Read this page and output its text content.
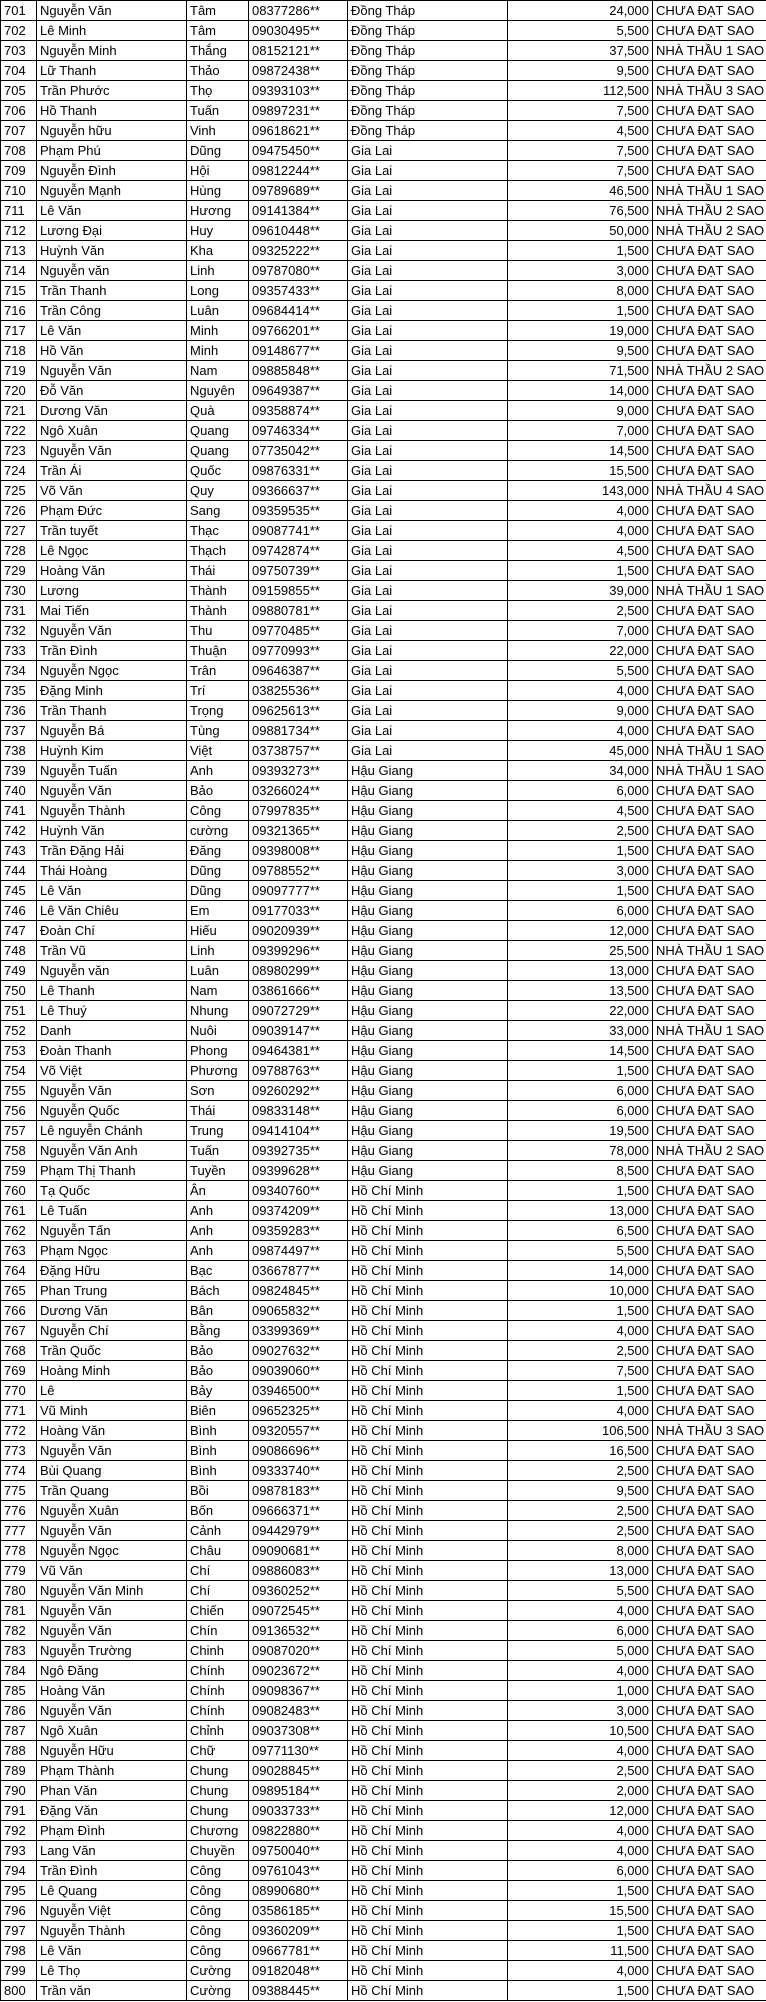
701	Nguyễn Văn	Tâm	08377286**	Đồng Tháp	24,000	CHƯA ĐẠT SAO
702	Lê Minh	Tâm	09030495**	Đồng Tháp	5,500	CHƯA ĐẠT SAO
703	Nguyễn Minh	Thắng	08152121**	Đồng Tháp	37,500	NHÀ THẦU 1 SAO
704	Lữ Thanh	Thảo	09872438**	Đồng Tháp	9,500	CHƯA ĐẠT SAO
705	Trần Phước	Thọ	09393103**	Đồng Tháp	112,500	NHÀ THẦU 3 SAO
706	Hồ Thanh	Tuấn	09897231**	Đồng Tháp	7,500	CHƯA ĐẠT SAO
707	Nguyễn hữu	Vinh	09618621**	Đồng Tháp	4,500	CHƯA ĐẠT SAO
708	Phạm Phú	Dũng	09475450**	Gia Lai	7,500	CHƯA ĐẠT SAO
709	Nguyễn Đình	Hội	09812244**	Gia Lai	7,500	CHƯA ĐẠT SAO
710	Nguyễn Mạnh	Hùng	09789689**	Gia Lai	46,500	NHÀ THẦU 1 SAO
711	Lê Văn	Hương	09141384**	Gia Lai	76,500	NHÀ THẦU 2 SAO
712	Lương Đại	Huy	09610448**	Gia Lai	50,000	NHÀ THẦU 2 SAO
713	Huỳnh Văn	Kha	09325222**	Gia Lai	1,500	CHƯA ĐẠT SAO
714	Nguyễn văn	Linh	09787080**	Gia Lai	3,000	CHƯA ĐẠT SAO
715	Trần Thanh	Long	09357433**	Gia Lai	8,000	CHƯA ĐẠT SAO
716	Trần Công	Luân	09684414**	Gia Lai	1,500	CHƯA ĐẠT SAO
717	Lê Văn	Minh	09766201**	Gia Lai	19,000	CHƯA ĐẠT SAO
718	Hồ Văn	Minh	09148677**	Gia Lai	9,500	CHƯA ĐẠT SAO
719	Nguyễn Văn	Nam	09885848**	Gia Lai	71,500	NHÀ THẦU 2 SAO
720	Đỗ Văn	Nguyên	09649387**	Gia Lai	14,000	CHƯA ĐẠT SAO
721	Dương Văn	Quà	09358874**	Gia Lai	9,000	CHƯA ĐẠT SAO
722	Ngô Xuân	Quang	09746334**	Gia Lai	7,000	CHƯA ĐẠT SAO
723	Nguyễn Văn	Quang	07735042**	Gia Lai	14,500	CHƯA ĐẠT SAO
724	Trần Ái	Quốc	09876331**	Gia Lai	15,500	CHƯA ĐẠT SAO
725	Võ Văn	Quy	09366637**	Gia Lai	143,000	NHÀ THẦU 4 SAO
726	Phạm Đức	Sang	09359535**	Gia Lai	4,000	CHƯA ĐẠT SAO
727	Trần tuyết	Thạc	09087741**	Gia Lai	4,000	CHƯA ĐẠT SAO
728	Lê Ngọc	Thạch	09742874**	Gia Lai	4,500	CHƯA ĐẠT SAO
729	Hoàng Văn	Thái	09750739**	Gia Lai	1,500	CHƯA ĐẠT SAO
730	Lương	Thành	09159855**	Gia Lai	39,000	NHÀ THẦU 1 SAO
731	Mai Tiến	Thành	09880781**	Gia Lai	2,500	CHƯA ĐẠT SAO
732	Nguyễn Văn	Thu	09770485**	Gia Lai	7,000	CHƯA ĐẠT SAO
733	Trần Đình	Thuận	09770993**	Gia Lai	22,000	CHƯA ĐẠT SAO
734	Nguyễn Ngọc	Trân	09646387**	Gia Lai	5,500	CHƯA ĐẠT SAO
735	Đặng Minh	Trí	03825536**	Gia Lai	4,000	CHƯA ĐẠT SAO
736	Trần Thanh	Trọng	09625613**	Gia Lai	9,000	CHƯA ĐẠT SAO
737	Nguyễn Bá	Tùng	09881734**	Gia Lai	4,000	CHƯA ĐẠT SAO
738	Huỳnh Kim	Việt	03738757**	Gia Lai	45,000	NHÀ THẦU 1 SAO
739	Nguyễn Tuấn	Anh	09393273**	Hậu Giang	34,000	NHÀ THẦU 1 SAO
740	Nguyễn Văn	Bảo	03266024**	Hậu Giang	6,000	CHƯA ĐẠT SAO
741	Nguyễn Thành	Công	07997835**	Hậu Giang	4,500	CHƯA ĐẠT SAO
742	Huỳnh Văn	cường	09321365**	Hậu Giang	2,500	CHƯA ĐẠT SAO
743	Trần Đặng Hải	Đăng	09398008**	Hậu Giang	1,500	CHƯA ĐẠT SAO
744	Thái Hoàng	Dũng	09788552**	Hậu Giang	3,000	CHƯA ĐẠT SAO
745	Lê Văn	Dũng	09097777**	Hậu Giang	1,500	CHƯA ĐẠT SAO
746	Lê Văn Chiêu	Em	09177033**	Hậu Giang	6,000	CHƯA ĐẠT SAO
747	Đoàn Chí	Hiếu	09020939**	Hậu Giang	12,000	CHƯA ĐẠT SAO
748	Trần Vũ	Linh	09399296**	Hậu Giang	25,500	NHÀ THẦU 1 SAO
749	Nguyễn văn	Luân	08980299**	Hậu Giang	13,000	CHƯA ĐẠT SAO
750	Lê Thanh	Nam	03861666**	Hậu Giang	13,500	CHƯA ĐẠT SAO
751	Lê Thuý	Nhung	09072729**	Hậu Giang	22,000	CHƯA ĐẠT SAO
752	Danh	Nuôi	09039147**	Hậu Giang	33,000	NHÀ THẦU 1 SAO
753	Đoàn Thanh	Phong	09464381**	Hậu Giang	14,500	CHƯA ĐẠT SAO
754	Võ Việt	Phương	09788763**	Hậu Giang	1,500	CHƯA ĐẠT SAO
755	Nguyễn Văn	Sơn	09260292**	Hậu Giang	6,000	CHƯA ĐẠT SAO
756	Nguyễn Quốc	Thái	09833148**	Hậu Giang	6,000	CHƯA ĐẠT SAO
757	Lê nguyễn Chánh	Trung	09414104**	Hậu Giang	19,500	CHƯA ĐẠT SAO
758	Nguyễn Văn Anh	Tuấn	09392735**	Hậu Giang	78,000	NHÀ THẦU 2 SAO
759	Phạm Thị Thanh	Tuyền	09399628**	Hậu Giang	8,500	CHƯA ĐẠT SAO
760	Tạ Quốc	Ân	09340760**	Hồ Chí Minh	1,500	CHƯA ĐẠT SAO
761	Lê Tuấn	Anh	09374209**	Hồ Chí Minh	13,000	CHƯA ĐẠT SAO
762	Nguyễn Tấn	Anh	09359283**	Hồ Chí Minh	6,500	CHƯA ĐẠT SAO
763	Phạm Ngọc	Anh	09874497**	Hồ Chí Minh	5,500	CHƯA ĐẠT SAO
764	Đặng Hữu	Bạc	03667877**	Hồ Chí Minh	14,000	CHƯA ĐẠT SAO
765	Phan Trung	Bách	09824845**	Hồ Chí Minh	10,000	CHƯA ĐẠT SAO
766	Dương Văn	Bân	09065832**	Hồ Chí Minh	1,500	CHƯA ĐẠT SAO
767	Nguyễn Chí	Bằng	03399369**	Hồ Chí Minh	4,000	CHƯA ĐẠT SAO
768	Trần Quốc	Bảo	09027632**	Hồ Chí Minh	2,500	CHƯA ĐẠT SAO
769	Hoàng Minh	Bảo	09039060**	Hồ Chí Minh	7,500	CHƯA ĐẠT SAO
770	Lê	Bảy	03946500**	Hồ Chí Minh	1,500	CHƯA ĐẠT SAO
771	Vũ Minh	Biên	09652325**	Hồ Chí Minh	4,000	CHƯA ĐẠT SAO
772	Hoàng Văn	Bình	09320557**	Hồ Chí Minh	106,500	NHÀ THẦU 3 SAO
773	Nguyễn Văn	Bình	09086696**	Hồ Chí Minh	16,500	CHƯA ĐẠT SAO
774	Bùi Quang	Bình	09333740**	Hồ Chí Minh	2,500	CHƯA ĐẠT SAO
775	Trần Quang	Bồi	09878183**	Hồ Chí Minh	9,500	CHƯA ĐẠT SAO
776	Nguyễn Xuân	Bốn	09666371**	Hồ Chí Minh	2,500	CHƯA ĐẠT SAO
777	Nguyễn Văn	Cảnh	09442979**	Hồ Chí Minh	2,500	CHƯA ĐẠT SAO
778	Nguyễn Ngọc	Châu	09090681**	Hồ Chí Minh	8,000	CHƯA ĐẠT SAO
779	Vũ Văn	Chí	09886083**	Hồ Chí Minh	13,000	CHƯA ĐẠT SAO
780	Nguyễn Văn Minh	Chí	09360252**	Hồ Chí Minh	5,500	CHƯA ĐẠT SAO
781	Nguyễn Văn	Chiến	09072545**	Hồ Chí Minh	4,000	CHƯA ĐẠT SAO
782	Nguyễn Văn	Chín	09136532**	Hồ Chí Minh	6,000	CHƯA ĐẠT SAO
783	Nguyễn Trường	Chinh	09087020**	Hồ Chí Minh	5,000	CHƯA ĐẠT SAO
784	Ngô Đăng	Chính	09023672**	Hồ Chí Minh	4,000	CHƯA ĐẠT SAO
785	Hoàng Văn	Chính	09098367**	Hồ Chí Minh	1,000	CHƯA ĐẠT SAO
786	Nguyễn Văn	Chính	09082483**	Hồ Chí Minh	3,000	CHƯA ĐẠT SAO
787	Ngô Xuân	Chỉnh	09037308**	Hồ Chí Minh	10,500	CHƯA ĐẠT SAO
788	Nguyễn Hữu	Chữ	09771130**	Hồ Chí Minh	4,000	CHƯA ĐẠT SAO
789	Phạm Thành	Chung	09028845**	Hồ Chí Minh	2,500	CHƯA ĐẠT SAO
790	Phan Văn	Chung	09895184**	Hồ Chí Minh	2,000	CHƯA ĐẠT SAO
791	Đặng Văn	Chung	09033733**	Hồ Chí Minh	12,000	CHƯA ĐẠT SAO
792	Phạm Đình	Chương	09822880**	Hồ Chí Minh	4,000	CHƯA ĐẠT SAO
793	Lang Văn	Chuyền	09750040**	Hồ Chí Minh	4,000	CHƯA ĐẠT SAO
794	Trần Đình	Công	09761043**	Hồ Chí Minh	6,000	CHƯA ĐẠT SAO
795	Lê Quang	Công	08990680**	Hồ Chí Minh	1,500	CHƯA ĐẠT SAO
796	Nguyễn Việt	Công	03586185**	Hồ Chí Minh	15,500	CHƯA ĐẠT SAO
797	Nguyễn Thành	Công	09360209**	Hồ Chí Minh	1,500	CHƯA ĐẠT SAO
798	Lê Văn	Công	09667781**	Hồ Chí Minh	11,500	CHƯA ĐẠT SAO
799	Lê Thọ	Cường	09182048**	Hồ Chí Minh	4,000	CHƯA ĐẠT SAO
800	Trần văn	Cường	09388445**	Hồ Chí Minh	1,500	CHƯA ĐẠT SAO
